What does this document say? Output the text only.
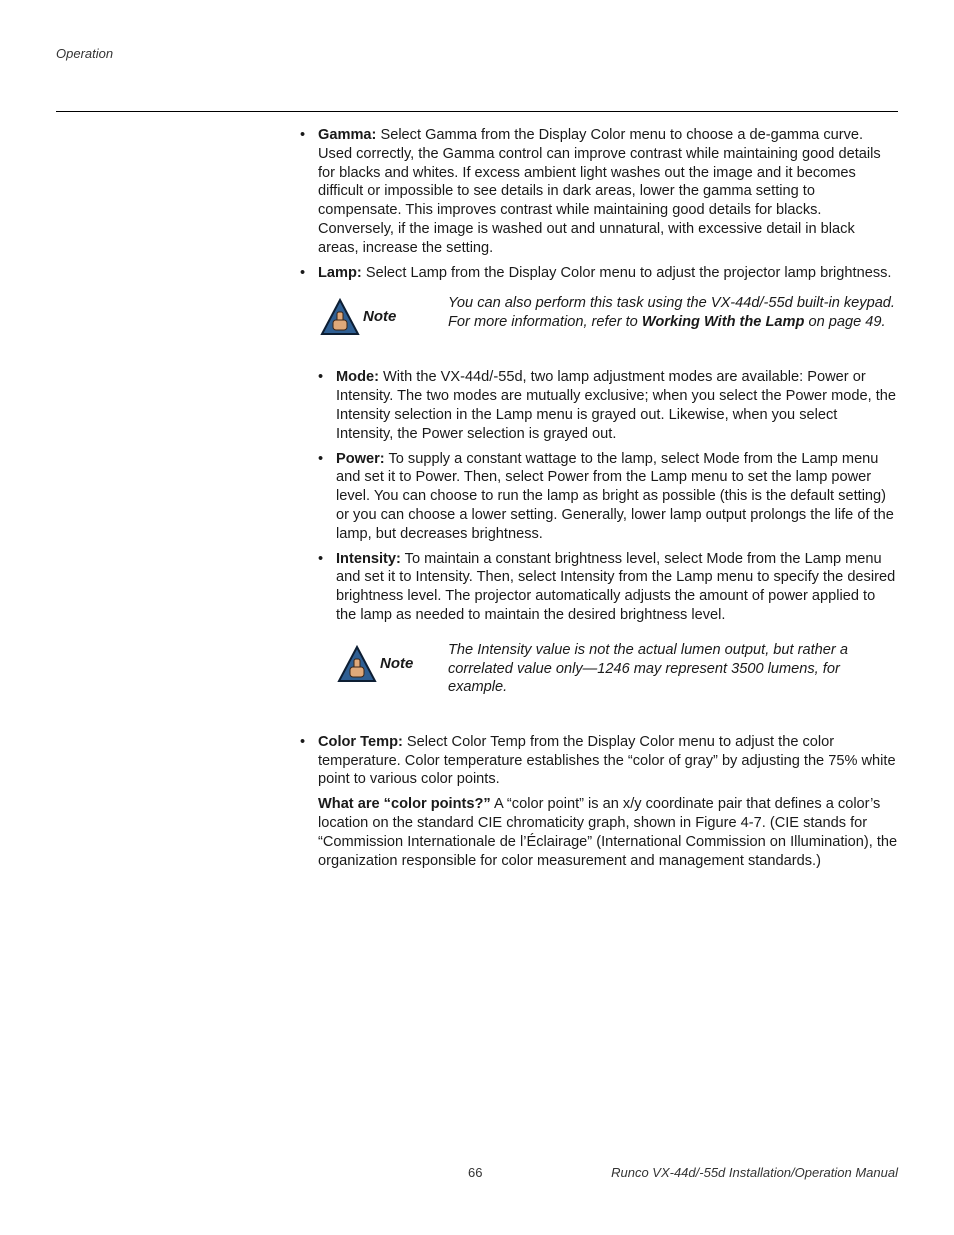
Operation
• Gamma: Select Gamma from the Display Color menu to choose a de-gamma curve. Used correctly, the Gamma control can improve contrast while maintaining good details for blacks and whites. If excess ambient light washes out the image and it becomes difficult or impossible to see details in dark areas, lower the gamma setting to compensate. This improves contrast while maintaining good details for blacks. Conversely, if the image is washed out and unnatural, with excessive detail in black areas, increase the setting.
• Lamp: Select Lamp from the Display Color menu to adjust the projector lamp brightness.
Note
You can also perform this task using the VX-44d/-55d built-in keypad. For more information, refer to Working With the Lamp on page 49.
• Mode: With the VX-44d/-55d, two lamp adjustment modes are available: Power or Intensity. The two modes are mutually exclusive; when you select the Power mode, the Intensity selection in the Lamp menu is grayed out. Likewise, when you select Intensity, the Power selection is grayed out.
• Power: To supply a constant wattage to the lamp, select Mode from the Lamp menu and set it to Power. Then, select Power from the Lamp menu to set the lamp power level. You can choose to run the lamp as bright as possible (this is the default setting) or you can choose a lower setting. Generally, lower lamp output prolongs the life of the lamp, but decreases brightness.
• Intensity: To maintain a constant brightness level, select Mode from the Lamp menu and set it to Intensity. Then, select Intensity from the Lamp menu to specify the desired brightness level. The projector automatically adjusts the amount of power applied to the lamp as needed to maintain the desired brightness level.
Note
The Intensity value is not the actual lumen output, but rather a correlated value only—1246 may represent 3500 lumens, for example.
• Color Temp: Select Color Temp from the Display Color menu to adjust the color temperature. Color temperature establishes the “color of gray” by adjusting the 75% white point to various color points.

What are “color points?” A “color point” is an x/y coordinate pair that defines a color’s location on the standard CIE chromaticity graph, shown in Figure 4-7. (CIE stands for “Commission Internationale de l’Éclairage” (International Commission on Illumination), the organization responsible for color measurement and management standards.)

66	Runco VX-44d/-55d Installation/Operation Manual
